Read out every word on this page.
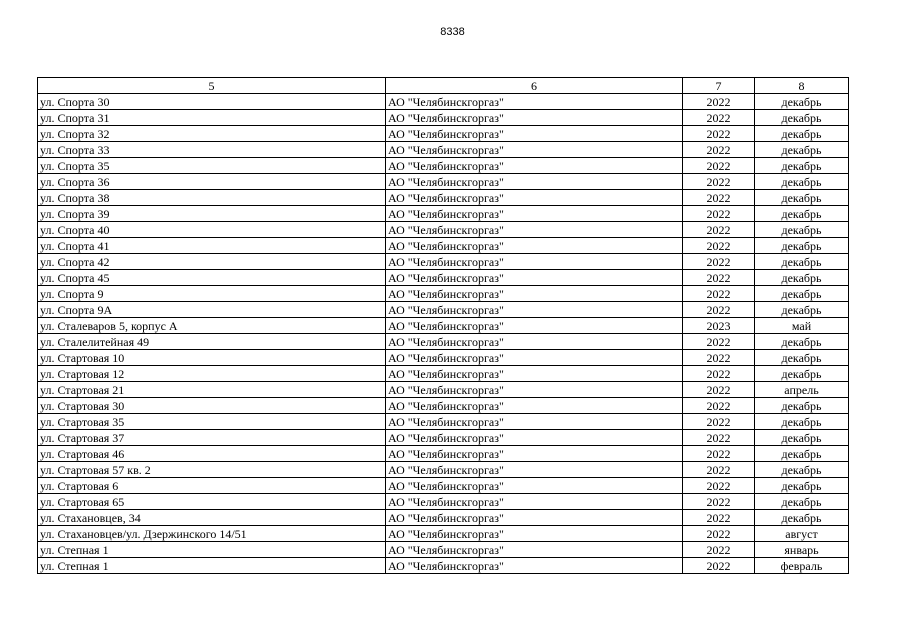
8338
5	6	7	8
ул. Спорта 30	АО "Челябинскгоргаз"	2022	декабрь
ул. Спорта 31	АО "Челябинскгоргаз"	2022	декабрь
ул. Спорта 32	АО "Челябинскгоргаз"	2022	декабрь
ул. Спорта 33	АО "Челябинскгоргаз"	2022	декабрь
ул. Спорта 35	АО "Челябинскгоргаз"	2022	декабрь
ул. Спорта 36	АО "Челябинскгоргаз"	2022	декабрь
ул. Спорта 38	АО "Челябинскгоргаз"	2022	декабрь
ул. Спорта 39	АО "Челябинскгоргаз"	2022	декабрь
ул. Спорта 40	АО "Челябинскгоргаз"	2022	декабрь
ул. Спорта 41	АО "Челябинскгоргаз"	2022	декабрь
ул. Спорта 42	АО "Челябинскгоргаз"	2022	декабрь
ул. Спорта 45	АО "Челябинскгоргаз"	2022	декабрь
ул. Спорта 9	АО "Челябинскгоргаз"	2022	декабрь
ул. Спорта 9А	АО "Челябинскгоргаз"	2022	декабрь
ул. Сталеваров 5, корпус А	АО "Челябинскгоргаз"	2023	май
ул. Сталелитейная 49	АО "Челябинскгоргаз"	2022	декабрь
ул. Стартовая 10	АО "Челябинскгоргаз"	2022	декабрь
ул. Стартовая 12	АО "Челябинскгоргаз"	2022	декабрь
ул. Стартовая 21	АО "Челябинскгоргаз"	2022	апрель
ул. Стартовая 30	АО "Челябинскгоргаз"	2022	декабрь
ул. Стартовая 35	АО "Челябинскгоргаз"	2022	декабрь
ул. Стартовая 37	АО "Челябинскгоргаз"	2022	декабрь
ул. Стартовая 46	АО "Челябинскгоргаз"	2022	декабрь
ул. Стартовая 57 кв. 2	АО "Челябинскгоргаз"	2022	декабрь
ул. Стартовая 6	АО "Челябинскгоргаз"	2022	декабрь
ул. Стартовая 65	АО "Челябинскгоргаз"	2022	декабрь
ул. Стахановцев, 34	АО "Челябинскгоргаз"	2022	декабрь
ул. Стахановцев/ул. Дзержинского 14/51	АО "Челябинскгоргаз"	2022	август
ул. Степная 1	АО "Челябинскгоргаз"	2022	январь
ул. Степная 1	АО "Челябинскгоргаз"	2022	февраль
